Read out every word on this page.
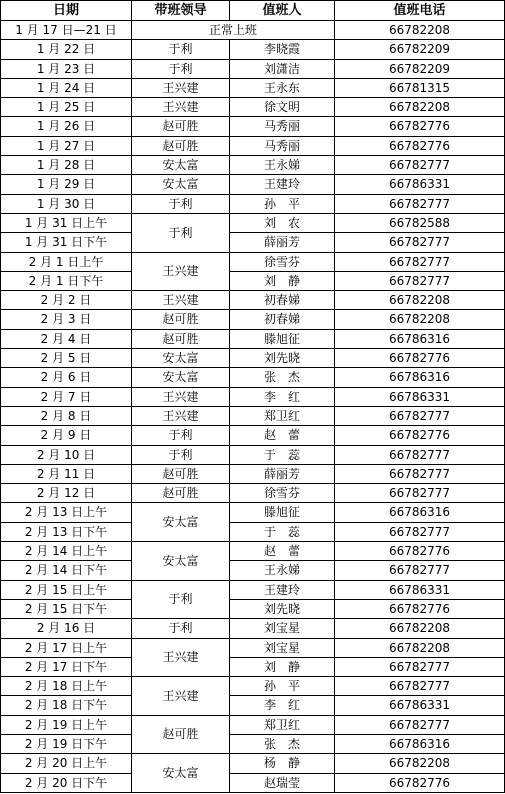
日期	带班领导	值班人	值班电话
1 月 17 日—21 日	正常上班		66782208
1 月 22 日	于利	李晓霞	66782209
1 月 23 日	于利	刘潇洁	66782209
1 月 24 日	王兴建	王永东	66781315
1 月 25 日	王兴建	徐文明	66782208
1 月 26 日	赵可胜	马秀丽	66782776
1 月 27 日	赵可胜	马秀丽	66782776
1 月 28 日	安太富	王永娣	66782777
1 月 29 日	安太富	王建玲	66786331
1 月 30 日	于利	孙　平	66782777
1 月 31 日上午	于利	刘　农	66782588
1 月 31 日下午		薛丽芳	66782777
2 月 1 日上午	王兴建	徐雪芬	66782777
2 月 1 日下午		刘　静	66782777
2 月 2 日	王兴建	初春娣	66782208
2 月 3 日	赵可胜	初春娣	66782208
2 月 4 日	赵可胜	滕旭征	66786316
2 月 5 日	安太富	刘先晓	66782776
2 月 6 日	安太富	张　杰	66786316
2 月 7 日	王兴建	李　红	66786331
2 月 8 日	王兴建	郑卫红	66782777
2 月 9 日	于利	赵　蕾	66782776
2 月 10 日	于利	于　蕊	66782777
2 月 11 日	赵可胜	薛丽芳	66782777
2 月 12 日	赵可胜	徐雪芬	66782777
2 月 13 日上午	安太富	滕旭征	66786316
2 月 13 日下午		于　蕊	66782777
2 月 14 日上午	安太富	赵　蕾	66782776
2 月 14 日下午		王永娣	66782777
2 月 15 日上午	于利	王建玲	66786331
2 月 15 日下午		刘先晓	66782776
2 月 16 日	于利	刘宝星	66782208
2 月 17 日上午	王兴建	刘宝星	66782208
2 月 17 日下午		刘　静	66782777
2 月 18 日上午	王兴建	孙　平	66782777
2 月 18 日下午		李　红	66786331
2 月 19 日上午	赵可胜	郑卫红	66782777
2 月 19 日下午		张　杰	66786316
2 月 20 日上午	安太富	杨　静	66782208
2 月 20 日下午		赵瑞莹	66782776
